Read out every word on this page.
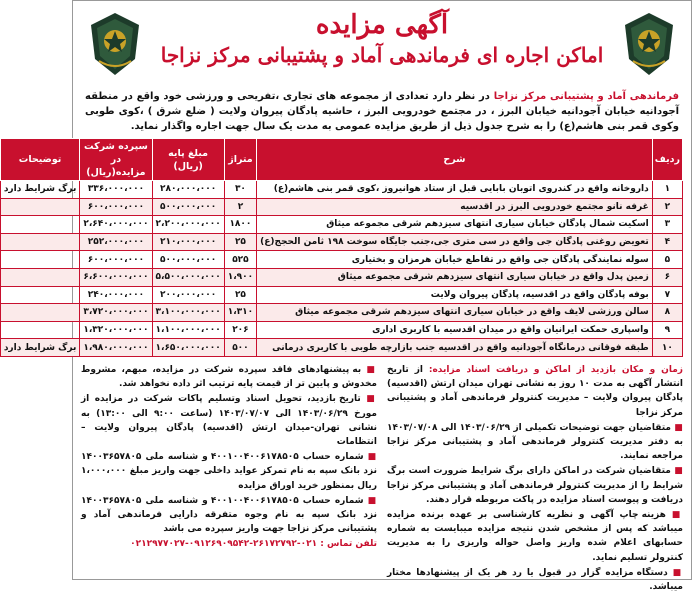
آگهی مزایده
اماکن اجاره ای فرماندهی آماد و پشتیبانی مرکز نزاجا

فرماندهی آماد و پشتیبانی مرکز نزاجا در نظر دارد تعدادی از مجموعه های تجاری ،تفریحی و ورزشی خود واقع در منطقه آجودانیه خیابان آجودانیه خیابان البرز ، در مجتمع خودرویی البرز ، حاشیه پادگان پیروان ولایت ( ضلع شرق ) ،کوی طوبی وکوی قمر بنی هاشم(ع) را به شرح جدول ذیل از طریق مزایده عمومی به مدت یک سال جهت اجاره واگذار نماید.

ردیف	شرح	متراژ	مبلغ پایه (ریال)	سپرده شرکت در مزایده(ریال)	توضیحات
۱	داروخانه واقع در کندروی اتوبان بابایی قبل از ستاد هوانیروز ،کوی قمر بنی هاشم(ع)	۳۰	۲۸۰،۰۰۰،۰۰۰	۳۳۶،۰۰۰،۰۰۰	برگ شرایط دارد
۲	غرفه نانو مجتمع خودرویی البرز در اقدسیه	۲	۵۰۰،۰۰۰،۰۰۰	۶۰۰،۰۰۰،۰۰۰	
۳	اسکیت شمال پادگان خیابان سیاری انتهای سیزدهم شرقی مجموعه میثاق	۱۸۰۰	۲،۲۰۰،۰۰۰،۰۰۰	۲،۶۴۰،۰۰۰،۰۰۰	
۴	تعویض روغنی پادگان جی واقع در سی متری جی،جنب جایگاه سوخت ۱۹۸ ثامن الحجج(ع)	۲۵	۲۱۰،۰۰۰،۰۰۰	۲۵۲،۰۰۰،۰۰۰	
۵	سوله نمایندگی پادگان جی واقع در تقاطع خیابان هرمزان و بختیاری	۵۲۵	۵۰۰،۰۰۰،۰۰۰	۶۰۰،۰۰۰،۰۰۰	
۶	زمین پدل واقع در خیابان سیاری انتهای سیزدهم شرقی مجموعه میثاق	۱،۹۰۰	۵،۵۰۰،۰۰۰،۰۰۰	۶،۶۰۰،۰۰۰،۰۰۰	
۷	بوفه پادگان واقع در اقدسیه، پادگان پیروان ولایت	۲۵	۲۰۰،۰۰۰،۰۰۰	۲۴۰،۰۰۰،۰۰۰	
۸	سالن ورزشی لایف واقع در خیابان سیاری انتهای سیزدهم شرقی مجموعه میثاق	۱،۳۱۰	۳،۱۰۰،۰۰۰،۰۰۰	۳،۷۲۰،۰۰۰،۰۰۰	
۹	واسپاری حمکت ایرانیان واقع در میدان اقدسیه با کاربری اداری	۲۰۶	۱،۱۰۰،۰۰۰،۰۰۰	۱،۳۲۰،۰۰۰،۰۰۰	
۱۰	طبقه فوقانی درمانگاه آجودانیه واقع در اقدسیه جنب بازارچه طوبی با کاربری درمانی	۵۰۰	۱،۶۵۰،۰۰۰،۰۰۰	۱،۹۸۰،۰۰۰،۰۰۰	برگ شرایط دارد

زمان و مکان بازدید از اماکن و دریافت اسناد مزایده: از تاریخ انتشار آگهی به مدت ۱۰ روز به نشانی تهران میدان ارتش (اقدسیه) پادگان پیروان ولایت – مدیریت کنترولر فرماندهی آماد و پشتیبانی مرکز نزاجا

■ متقاضیان جهت توضیحات تکمیلی از ۱۴۰۳/۰۶/۲۹ الی ۱۴۰۳/۰۷/۰۸ به دفتر مدیریت کنترولر فرماندهی آماد و پشتیبانی مرکز نزاجا مراجعه نمایند.

■ متقاضیان شرکت در اماکن دارای برگ شرایط ضرورت است برگ شرایط را از مدیریت کنترولر فرماندهی آماد و پشتیبانی مرکز نزاجا دریافت و پیوست اسناد مزایده در پاکت مربوطه قرار دهند.

■ هزینه چاپ آگهی و نظریه کارشناسی بر عهده برنده مزایده میباشد که پس از مشخص شدن نتیجه مزایده میبایست به شماره حسابهای اعلام شده واریز واصل حواله واریزی را به مدیریت کنترولر تسلیم نماید.

■ دستگاه مزایده گزار در قبول یا رد هر یک از پیشنهادها مختار میباشد.

■ به پیشنهادهای فاقد سپرده شرکت در مزایده، مبهم، مشروط مخدوش و پایین تر از قیمت پایه ترتیب اثر داده نخواهد شد.

■ تاریخ بازدید، تحویل اسناد وتسلیم پاکات شرکت در مزایده از مورخ ۱۴۰۳/۰۶/۲۹ الی ۱۴۰۳/۰۷/۰۷ (ساعت ۹:۰۰ الی ۱۳:۰۰) به نشانی تهران-میدان ارتش (اقدسیه) پادگان پیروان ولایت – انتظامات

■ شماره حساب ۴۰۰۱۰۰۴۰۰۶۱۷۸۵۰۵ و شناسه ملی ۱۴۰۰۳۶۵۷۸۰۵ نزد بانک سپه به نام تمرکز عواید داخلی جهت واریز مبلغ ۱،۰۰۰،۰۰۰ ریال بمنظور خرید اوراق مزایده

■ شماره حساب ۴۰۰۱۰۰۴۰۰۶۱۷۸۵۰۵ و شناسه ملی ۱۴۰۰۳۶۵۷۸۰۵ نزد بانک سپه به نام وجوه متفرقه دارایی فرماندهی آماد و پشتیبانی مرکز نزاجا جهت واریز سپرده می باشد

تلفن تماس : ۰۲۱-۲۶۱۷۲۷۹۲-۰۹۱۲۶۹۰۹۵۴۲-۰۲۱۲۹۷۷۰۲۷
